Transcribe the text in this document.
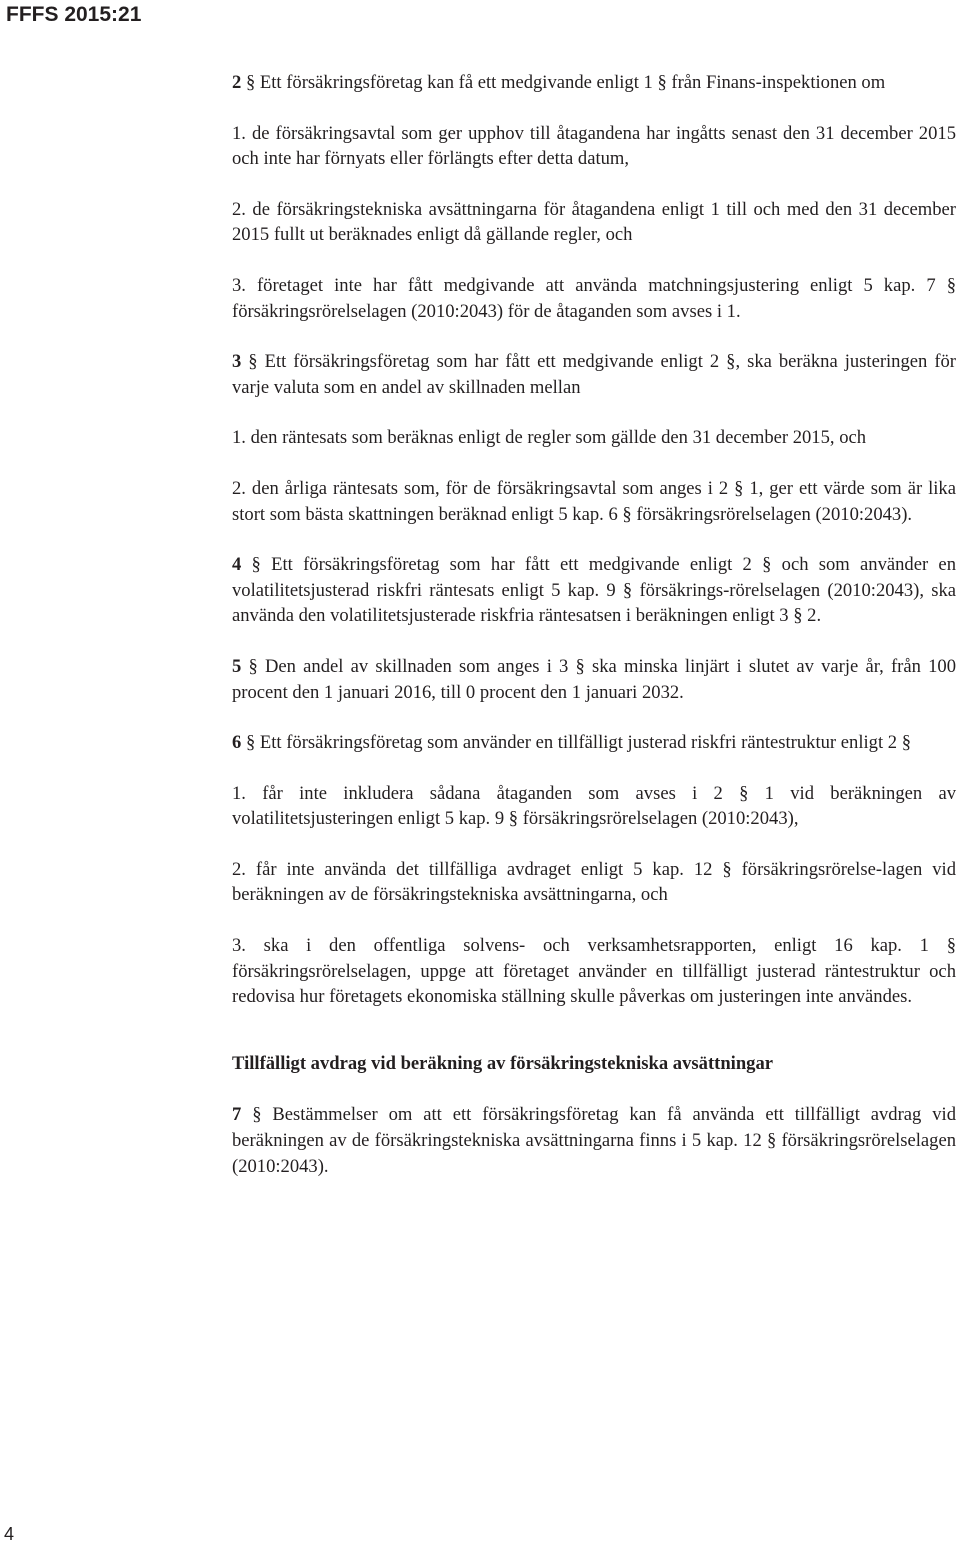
FFFS 2015:21

2 § Ett försäkringsföretag kan få ett medgivande enligt 1 § från Finans-inspektionen om

1. de försäkringsavtal som ger upphov till åtagandena har ingåtts senast den 31 december 2015 och inte har förnyats eller förlängts efter detta datum,

2. de försäkringstekniska avsättningarna för åtagandena enligt 1 till och med den 31 december 2015 fullt ut beräknades enligt då gällande regler, och

3. företaget inte har fått medgivande att använda matchningsjustering enligt 5 kap. 7 § försäkringsrörelselagen (2010:2043) för de åtaganden som avses i 1.

3 § Ett försäkringsföretag som har fått ett medgivande enligt 2 §, ska beräkna justeringen för varje valuta som en andel av skillnaden mellan

1. den räntesats som beräknas enligt de regler som gällde den 31 december 2015, och

2. den årliga räntesats som, för de försäkringsavtal som anges i 2 § 1, ger ett värde som är lika stort som bästa skattningen beräknad enligt 5 kap. 6 § försäkringsrörelselagen (2010:2043).

4 § Ett försäkringsföretag som har fått ett medgivande enligt 2 § och som använder en volatilitetsjusterad riskfri räntesats enligt 5 kap. 9 § försäkrings-rörelselagen (2010:2043), ska använda den volatilitetsjusterade riskfria räntesatsen i beräkningen enligt 3 § 2.

5 § Den andel av skillnaden som anges i 3 § ska minska linjärt i slutet av varje år, från 100 procent den 1 januari 2016, till 0 procent den 1 januari 2032.

6 § Ett försäkringsföretag som använder en tillfälligt justerad riskfri räntestruktur enligt 2 §

1. får inte inkludera sådana åtaganden som avses i 2 § 1 vid beräkningen av volatilitetsjusteringen enligt 5 kap. 9 § försäkringsrörelselagen (2010:2043),

2. får inte använda det tillfälliga avdraget enligt 5 kap. 12 § försäkringsrörelse-lagen vid beräkningen av de försäkringstekniska avsättningarna, och

3. ska i den offentliga solvens- och verksamhetsrapporten, enligt 16 kap. 1 § försäkringsrörelselagen, uppge att företaget använder en tillfälligt justerad räntestruktur och redovisa hur företagets ekonomiska ställning skulle påverkas om justeringen inte användes.

Tillfälligt avdrag vid beräkning av försäkringstekniska avsättningar

7 § Bestämmelser om att ett försäkringsföretag kan få använda ett tillfälligt avdrag vid beräkningen av de försäkringstekniska avsättningarna finns i 5 kap. 12 § försäkringsrörelselagen (2010:2043).

4
